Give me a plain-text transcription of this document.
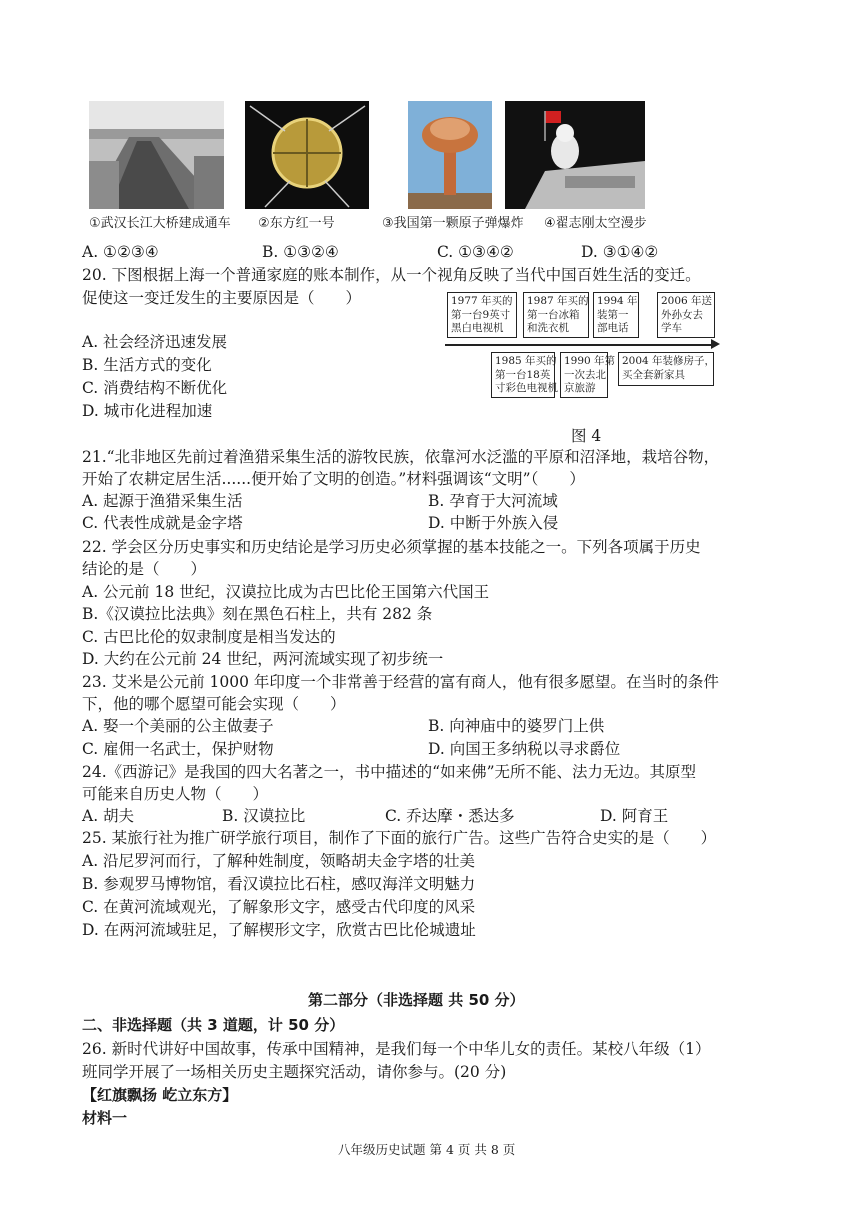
①武汉长江大桥建成通车 ②东方红一号	③我国第一颗原子弹爆炸 ④翟志刚太空漫步
A. ①②③④	B. ①③②④	C. ①③④②	D. ③①④②
20. 下图根据上海一个普通家庭的账本制作，从一个视角反映了当代中国百姓生活的变迁。
促使这一变迁发生的主要原因是（　　）
A. 社会经济迅速发展
B. 生活方式的变化
C. 消费结构不断优化
D. 城市化进程加速
1977 年买的
第一台9英寸
黑白电视机
1987 年买的
第一台冰箱
和洗衣机
1994 年
装第一
部电话
2006 年送
外孙女去
学车
1985 年买的
第一台18英
寸彩色电视机
1990 年第
一次去北
京旅游
2004 年装修房子，
买全套新家具
图 4
21.“北非地区先前过着渔猎采集生活的游牧民族，依靠河水泛滥的平原和沼泽地，栽培谷物，
开始了农耕定居生活......便开始了文明的创造。”材料强调该“文明”（　　）
A. 起源于渔猎采集生活	B. 孕育于大河流域
C. 代表性成就是金字塔	D. 中断于外族入侵
22. 学会区分历史事实和历史结论是学习历史必须掌握的基本技能之一。下列各项属于历史
结论的是（　　）
A. 公元前 18 世纪，汉谟拉比成为古巴比伦王国第六代国王
B.《汉谟拉比法典》刻在黑色石柱上，共有 282 条
C. 古巴比伦的奴隶制度是相当发达的
D. 大约在公元前 24 世纪，两河流域实现了初步统一
23. 艾米是公元前 1000 年印度一个非常善于经营的富有商人，他有很多愿望。在当时的条件
下，他的哪个愿望可能会实现（　　）
A. 娶一个美丽的公主做妻子	B. 向神庙中的婆罗门上供
C. 雇佣一名武士，保护财物	D. 向国王多纳税以寻求爵位
24.《西游记》是我国的四大名著之一，书中描述的“如来佛”无所不能、法力无边。其原型
可能来自历史人物（　　）
A. 胡夫	B. 汉谟拉比	C. 乔达摩・悉达多	D. 阿育王
25. 某旅行社为推广研学旅行项目，制作了下面的旅行广告。这些广告符合史实的是（　　）
A. 沿尼罗河而行，了解种姓制度，领略胡夫金字塔的壮美
B. 参观罗马博物馆，看汉谟拉比石柱，感叹海洋文明魅力
C. 在黄河流域观光，了解象形文字，感受古代印度的风采
D. 在两河流域驻足，了解楔形文字，欣赏古巴比伦城遗址
第二部分（非选择题 共 50 分）
二、非选择题（共 3 道题，计 50 分）
26. 新时代讲好中国故事，传承中国精神，是我们每一个中华儿女的责任。某校八年级（1）
班同学开展了一场相关历史主题探究活动，请你参与。(20 分)
【红旗飘扬 屹立东方】
材料一
八年级历史试题 第 4 页 共 8 页
